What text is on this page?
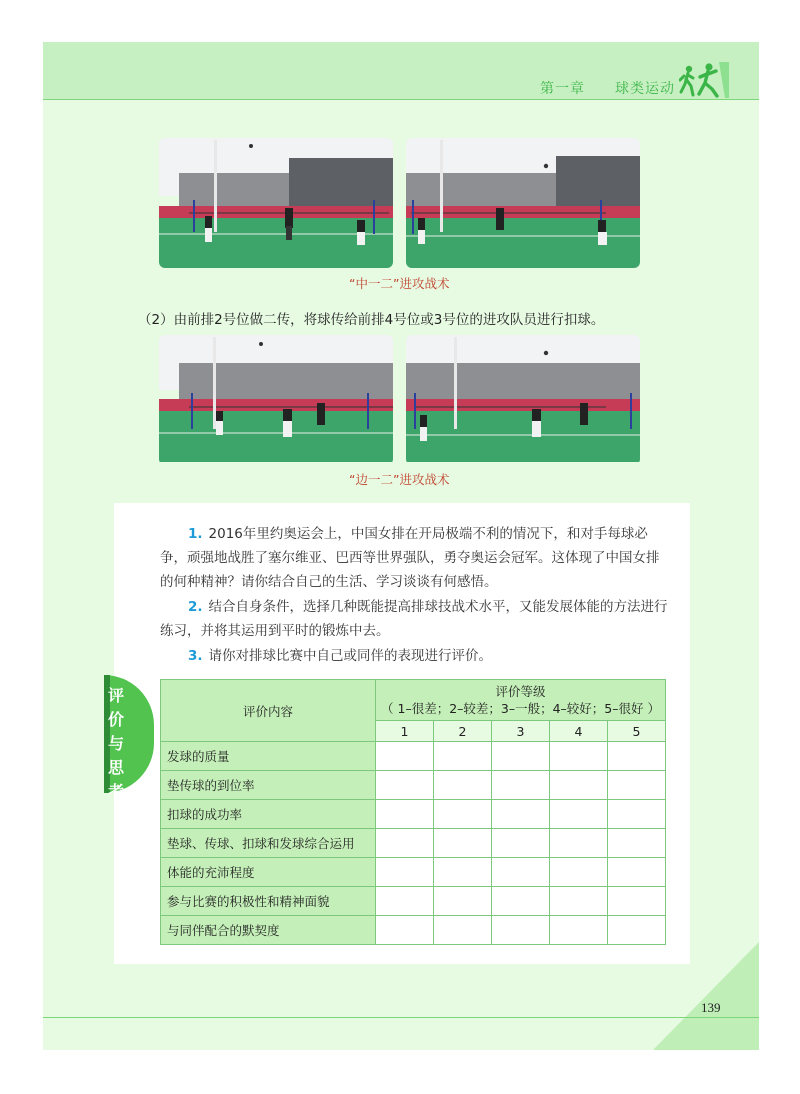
第一章 球类运动
“中一二”进攻战术
（2）由前排2号位做二传，将球传给前排4号位或3号位的进攻队员进行扣球。
“边一二”进攻战术
1. 2016年里约奥运会上，中国女排在开局极端不利的情况下，和对手每球必争，顽强地战胜了塞尔维亚、巴西等世界强队，勇夺奥运会冠军。这体现了中国女排的何种精神？请你结合自己的生活、学习谈谈有何感悟。
2. 结合自身条件，选择几种既能提高排球技战术水平，又能发展体能的方法进行练习，并将其运用到平时的锻炼中去。
3. 请你对排球比赛中自己或同伴的表现进行评价。
评价与思考
评价内容	评价等级
（ 1–很差；2–较差；3–一般；4–较好；5–很好 ）				

	1	2	3	4	5
发球的质量					
垫传球的到位率					
扣球的成功率					
垫球、传球、扣球和发球综合运用					
体能的充沛程度					
参与比赛的积极性和精神面貌					
与同伴配合的默契度					
139
